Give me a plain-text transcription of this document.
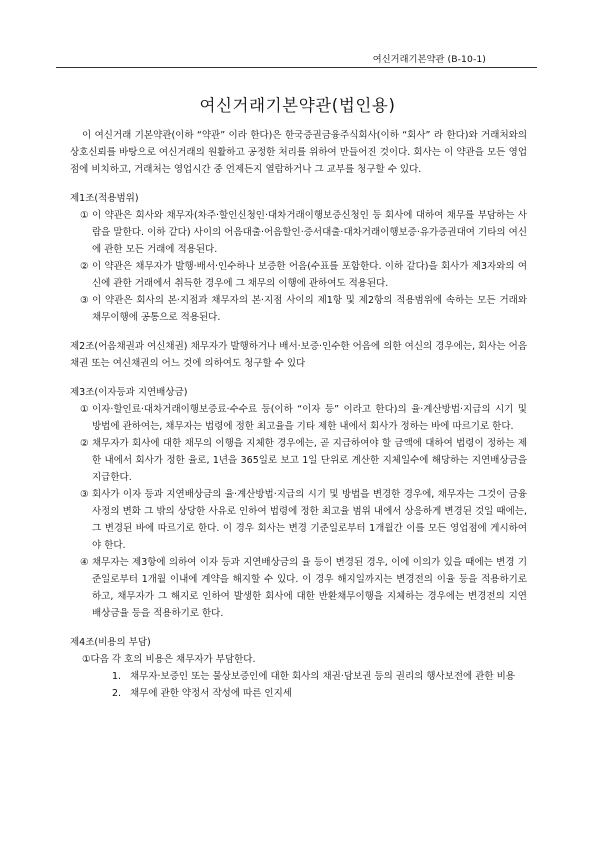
여신거래기본약관 (B-10-1)
여신거래기본약관(법인용)

이 여신거래 기본약관(이하 “약관” 이라 한다)은 한국증권금융주식회사(이하 “회사” 라 한다)와 거래처와의 상호신뢰를 바탕으로 여신거래의 원활하고 공정한 처리를 위하여 만들어진 것이다. 회사는 이 약관을 모든 영업점에 비치하고, 거래처는 영업시간 중 언제든지 열람하거나 그 교부를 청구할 수 있다.

제1조(적용범위)

① 이 약관은 회사와 채무자(차주·할인신청인·대차거래이행보증신청인 등 회사에 대하여 채무를 부담하는 사람을 말한다. 이하 같다) 사이의 어음대출·어음할인·증서대출·대차거래이행보증·유가증권대여 기타의 여신에 관한 모든 거래에 적용된다.
② 이 약관은 채무자가 발행·배서·인수하나 보증한 어음(수표를 포함한다. 이하 같다)을 회사가 제3자와의 여신에 관한 거래에서 취득한 경우에 그 채무의 이행에 관하여도 적용된다.
③ 이 약관은 회사의 본·지점과 채무자의 본·지점 사이의 제1항 및 제2항의 적용범위에 속하는 모든 거래와 채무이행에 공통으로 적용된다.

제2조(어음채권과 여신채권) 채무자가 발행하거나 배서·보증·인수한 어음에 의한 여신의 경우에는, 회사는 어음채권 또는 여신채권의 어느 것에 의하여도 청구할 수 있다

제3조(이자등과 지연배상금)

① 이자·할인료·대차거래이행보증료·수수료 등(이하 “이자 등” 이라고 한다)의 율·계산방법·지급의 시기 및 방법에 관하여는, 채무자는 법령에 정한 최고율을 기타 제한 내에서 회사가 정하는 바에 따르기로 한다.
② 채무자가 회사에 대한 채무의 이행을 지체한 경우에는, 곧 지급하여야 할 금액에 대하여 법령이 정하는 제한 내에서 회사가 정한 율로, 1년을 365일로 보고 1일 단위로 계산한 지체일수에 해당하는 지연배상금을 지급한다.
③ 회사가 이자 등과 지연배상금의 율·계산방법·지급의 시기 및 방법을 변경한 경우에, 채무자는 그것이 금융사정의 변화 그 밖의 상당한 사유로 인하여 법령에 정한 최고율 범위 내에서 상응하게 변경된 것일 때에는, 그 변경된 바에 따르기로 한다. 이 경우 회사는 변경 기준일로부터 1개월간 이를 모든 영업점에 게시하여야 한다.
④ 채무자는 제3항에 의하여 이자 등과 지연배상금의 율 등이 변경된 경우, 이에 이의가 있을 때에는 변경 기준일로부터 1개월 이내에 계약을 해지할 수 있다. 이 경우 해지일까지는 변경전의 이율 등을 적용하기로 하고, 채무자가 그 해지로 인하여 발생한 회사에 대한 반환채무이행을 지체하는 경우에는 변경전의 지연 배상금율 등을 적용하기로 한다.

제4조(비용의 부담)

①다음 각 호의 비용은 채무자가 부담한다.

1. 채무자·보증인 또는 물상보증인에 대한 회사의 채권·담보권 등의 권리의 행사보전에 관한 비용
2. 채무에 관한 약정서 작성에 따른 인지세
